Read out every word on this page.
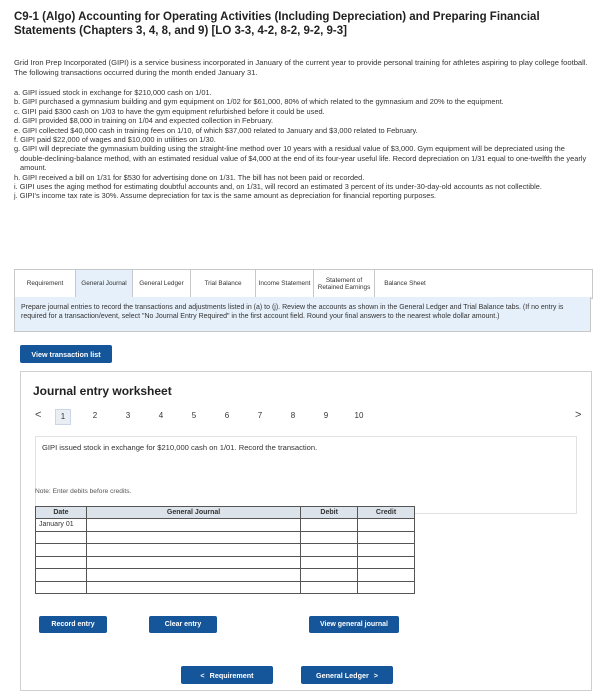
C9-1 (Algo) Accounting for Operating Activities (Including Depreciation) and Preparing Financial Statements (Chapters 3, 4, 8, and 9) [LO 3-3, 4-2, 8-2, 9-2, 9-3]
Grid Iron Prep Incorporated (GIPI) is a service business incorporated in January of the current year to provide personal training for athletes aspiring to play college football. The following transactions occurred during the month ended January 31.
a. GIPI issued stock in exchange for $210,000 cash on 1/01.
b. GIPI purchased a gymnasium building and gym equipment on 1/02 for $61,000, 80% of which related to the gymnasium and 20% to the equipment.
c. GIPI paid $300 cash on 1/03 to have the gym equipment refurbished before it could be used.
d. GIPI provided $8,000 in training on 1/04 and expected collection in February.
e. GIPI collected $40,000 cash in training fees on 1/10, of which $37,000 related to January and $3,000 related to February.
f. GIPI paid $22,000 of wages and $10,000 in utilities on 1/30.
g. GIPI will depreciate the gymnasium building using the straight-line method over 10 years with a residual value of $3,000. Gym equipment will be depreciated using the double-declining-balance method, with an estimated residual value of $4,000 at the end of its four-year useful life. Record depreciation on 1/31 equal to one-twelfth the yearly amount.
h. GIPI received a bill on 1/31 for $530 for advertising done on 1/31. The bill has not been paid or recorded.
i. GIPI uses the aging method for estimating doubtful accounts and, on 1/31, will record an estimated 3 percent of its under-30-day-old accounts as not collectible.
j. GIPI's income tax rate is 30%. Assume depreciation for tax is the same amount as depreciation for financial reporting purposes.
Requirement	General Journal	General Ledger	Trial Balance	Income Statement
Statement of Retained Earnings
Balance Sheet
Prepare journal entries to record the transactions and adjustments listed in (a) to (j). Review the accounts as shown in the General Ledger and Trial Balance tabs. (If no entry is required for a transaction/event, select "No Journal Entry Required" in the first account field. Round your final answers to the nearest whole dollar amount.)
View transaction list
Journal entry worksheet
<	1	2	3	4	5	6	7	8	9	10	>
GIPI issued stock in exchange for $210,000 cash on 1/01. Record the transaction.
Note: Enter debits before credits.
Date	General Journal	Debit	Credit
January 01			

Record entry	Clear entry	View general journal
< Requirement	General Ledger >
